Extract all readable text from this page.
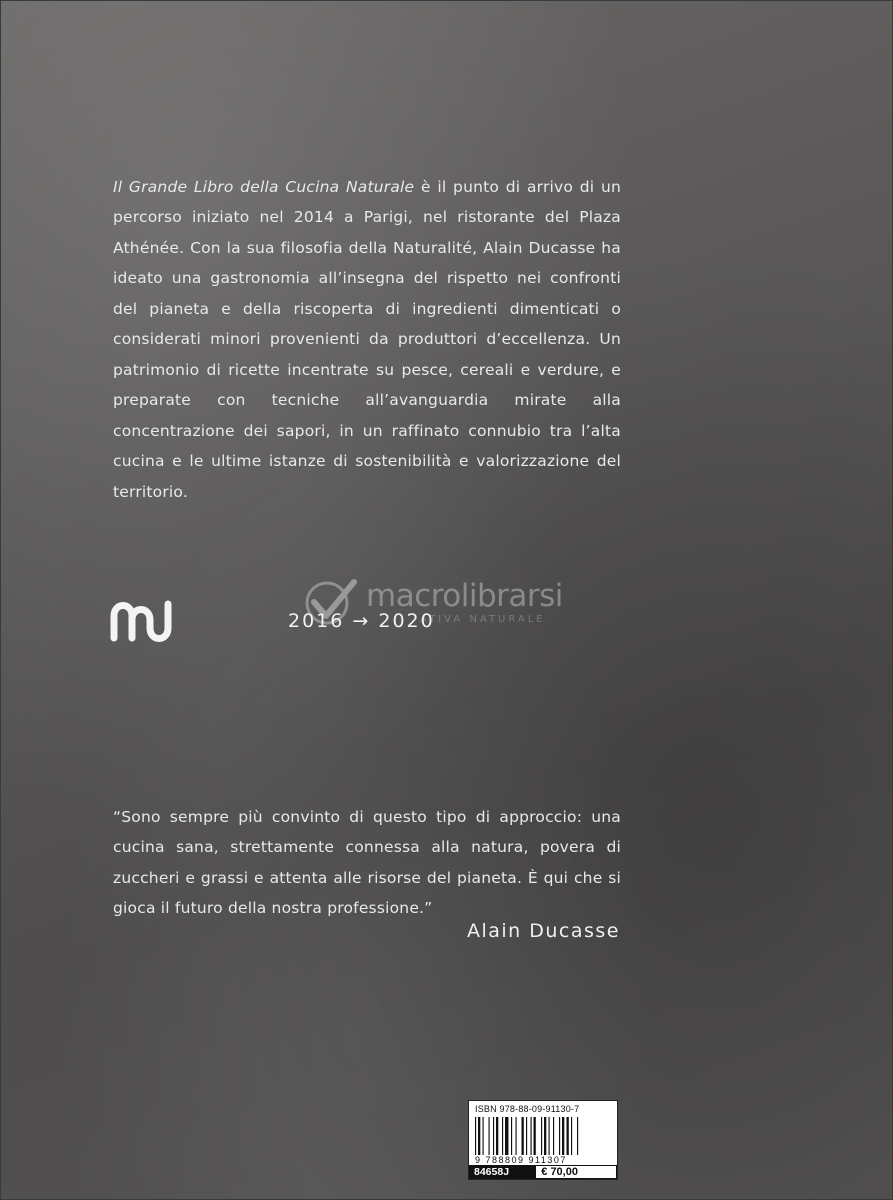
Il Grande Libro della Cucina Naturale è il punto di arrivo di un percorso iniziato nel 2014 a Parigi, nel ristorante del Plaza Athénée. Con la sua filosofia della Naturalité, Alain Ducasse ha ideato una gastronomia all’insegna del rispetto nei confronti del pianeta e della riscoperta di ingredienti dimenticati o considerati minori provenienti da produttori d’eccellenza. Un patrimonio di ricette incentrate su pesce, cereali e verdure, e preparate con tecniche all’avanguardia mirate alla concentrazione dei sapori, in un raffinato connubio tra l’alta cucina e le ultime istanze di sostenibilità e valorizzazione del territorio.

macrolibrarsi
ATIVA NATURALE
2016 → 2020

“Sono sempre più convinto di questo tipo di approccio: una cucina sana, strettamente connessa alla natura, povera di zuccheri e grassi e attenta alle risorse del pianeta. È qui che si gioca il futuro della nostra professione.”

Alain Ducasse
ISBN 978-88-09-91130-7
9 788809 911307
84658J	€ 70,00
